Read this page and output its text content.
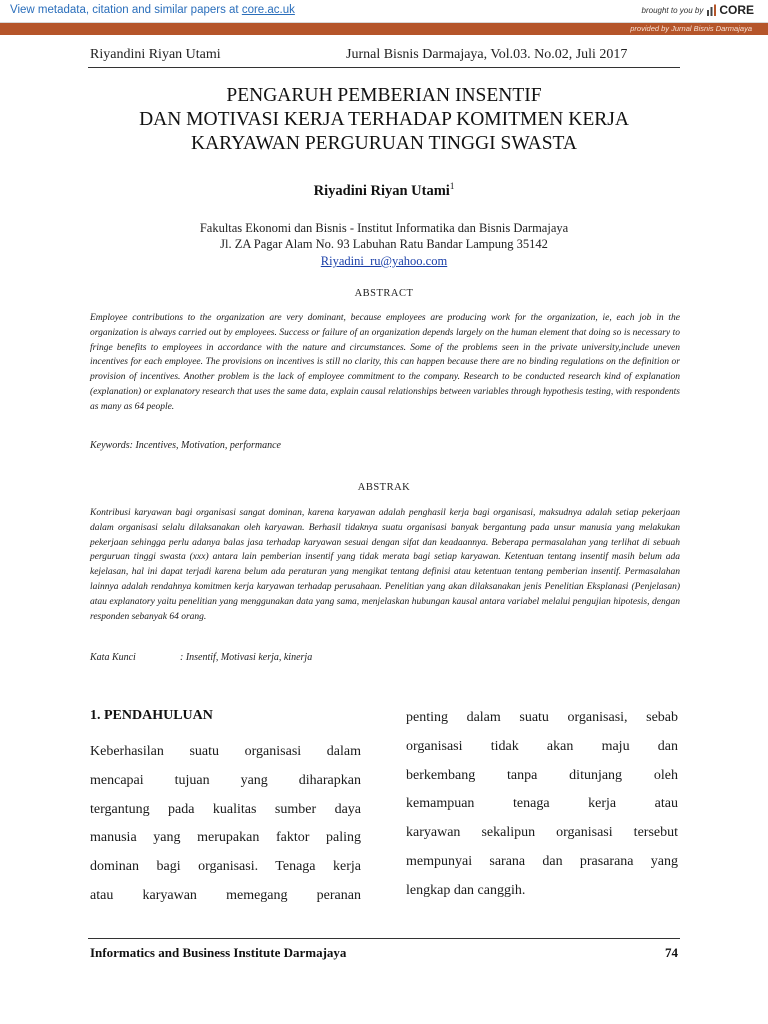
View metadata, citation and similar papers at core.ac.uk	brought to you by CORE
provided by Jurnal Bisnis Darmajaya
Riyandini Riyan Utami	Jurnal Bisnis Darmajaya, Vol.03. No.02, Juli 2017
PENGARUH PEMBERIAN INSENTIF
DAN MOTIVASI KERJA TERHADAP KOMITMEN KERJA
KARYAWAN PERGURUAN TINGGI SWASTA
Riyadini Riyan Utami$^1$
Fakultas Ekonomi dan Bisnis - Institut Informatika dan Bisnis Darmajaya
Jl. ZA Pagar Alam No. 93 Labuhan Ratu Bandar Lampung 35142
Riyadini_ru@yahoo.com
ABSTRACT

Employee contributions to the organization are very dominant, because employees are producing work for the organization, ie, each job in the organization is always carried out by employees. Success or failure of an organization depends largely on the human element that doing so is necessary to fringe benefits to employees in accordance with the nature and circumstances. Some of the problems seen in the private university,include uneven incentives for each employee. The provisions on incentives is still no clarity, this can happen because there are no binding regulations on the definition or provision of incentives. Another problem is the lack of employee commitment to the company. Research to be conducted research kind of explanation (explanation) or explanatory research that uses the same data, explain causal relationships between variables through hypothesis testing, with respondents as many as 64 people.

Keywords: Incentives, Motivation, performance
ABSTRAK

Kontribusi karyawan bagi organisasi sangat dominan, karena karyawan adalah penghasil kerja bagi organisasi, maksudnya adalah setiap pekerjaan dalam organisasi selalu dilaksanakan oleh karyawan. Berhasil tidaknya suatu organisasi banyak bergantung pada unsur manusia yang melakukan pekerjaan sehingga perlu adanya balas jasa terhadap karyawan sesuai dengan sifat dan keadaannya. Beberapa permasalahan yang terlihat di sebuah perguruan tinggi swasta (xxx) antara lain pemberian insentif yang tidak merata bagi setiap karyawan. Ketentuan tentang insentif masih belum ada kejelasan, hal ini dapat terjadi karena belum ada peraturan yang mengikat tentang definisi atau ketentuan tentang pemberian insentif. Permasalahan lainnya adalah rendahnya komitmen kerja karyawan terhadap perusahaan. Penelitian yang akan dilaksanakan jenis Penelitian Eksplanasi (Penjelasan) atau explanatory yaitu penelitian yang menggunakan data yang sama, menjelaskan hubungan kausal antara variabel melalui pengujian hipotesis, dengan responden sebanyak 64 orang.

Kata Kunci	: Insentif, Motivasi kerja, kinerja
1. PENDAHULUAN
Keberhasilan suatu organisasi dalam
mencapai tujuan yang diharapkan
tergantung pada kualitas sumber daya
manusia yang merupakan faktor paling
dominan bagi organisasi. Tenaga kerja
atau karyawan memegang peranan
penting dalam suatu organisasi, sebab
organisasi tidak akan maju dan
berkembang tanpa ditunjang oleh
kemampuan tenaga kerja atau
karyawan sekalipun organisasi tersebut
mempunyai sarana dan prasarana yang
lengkap dan canggih.
Informatics and Business Institute Darmajaya	74
